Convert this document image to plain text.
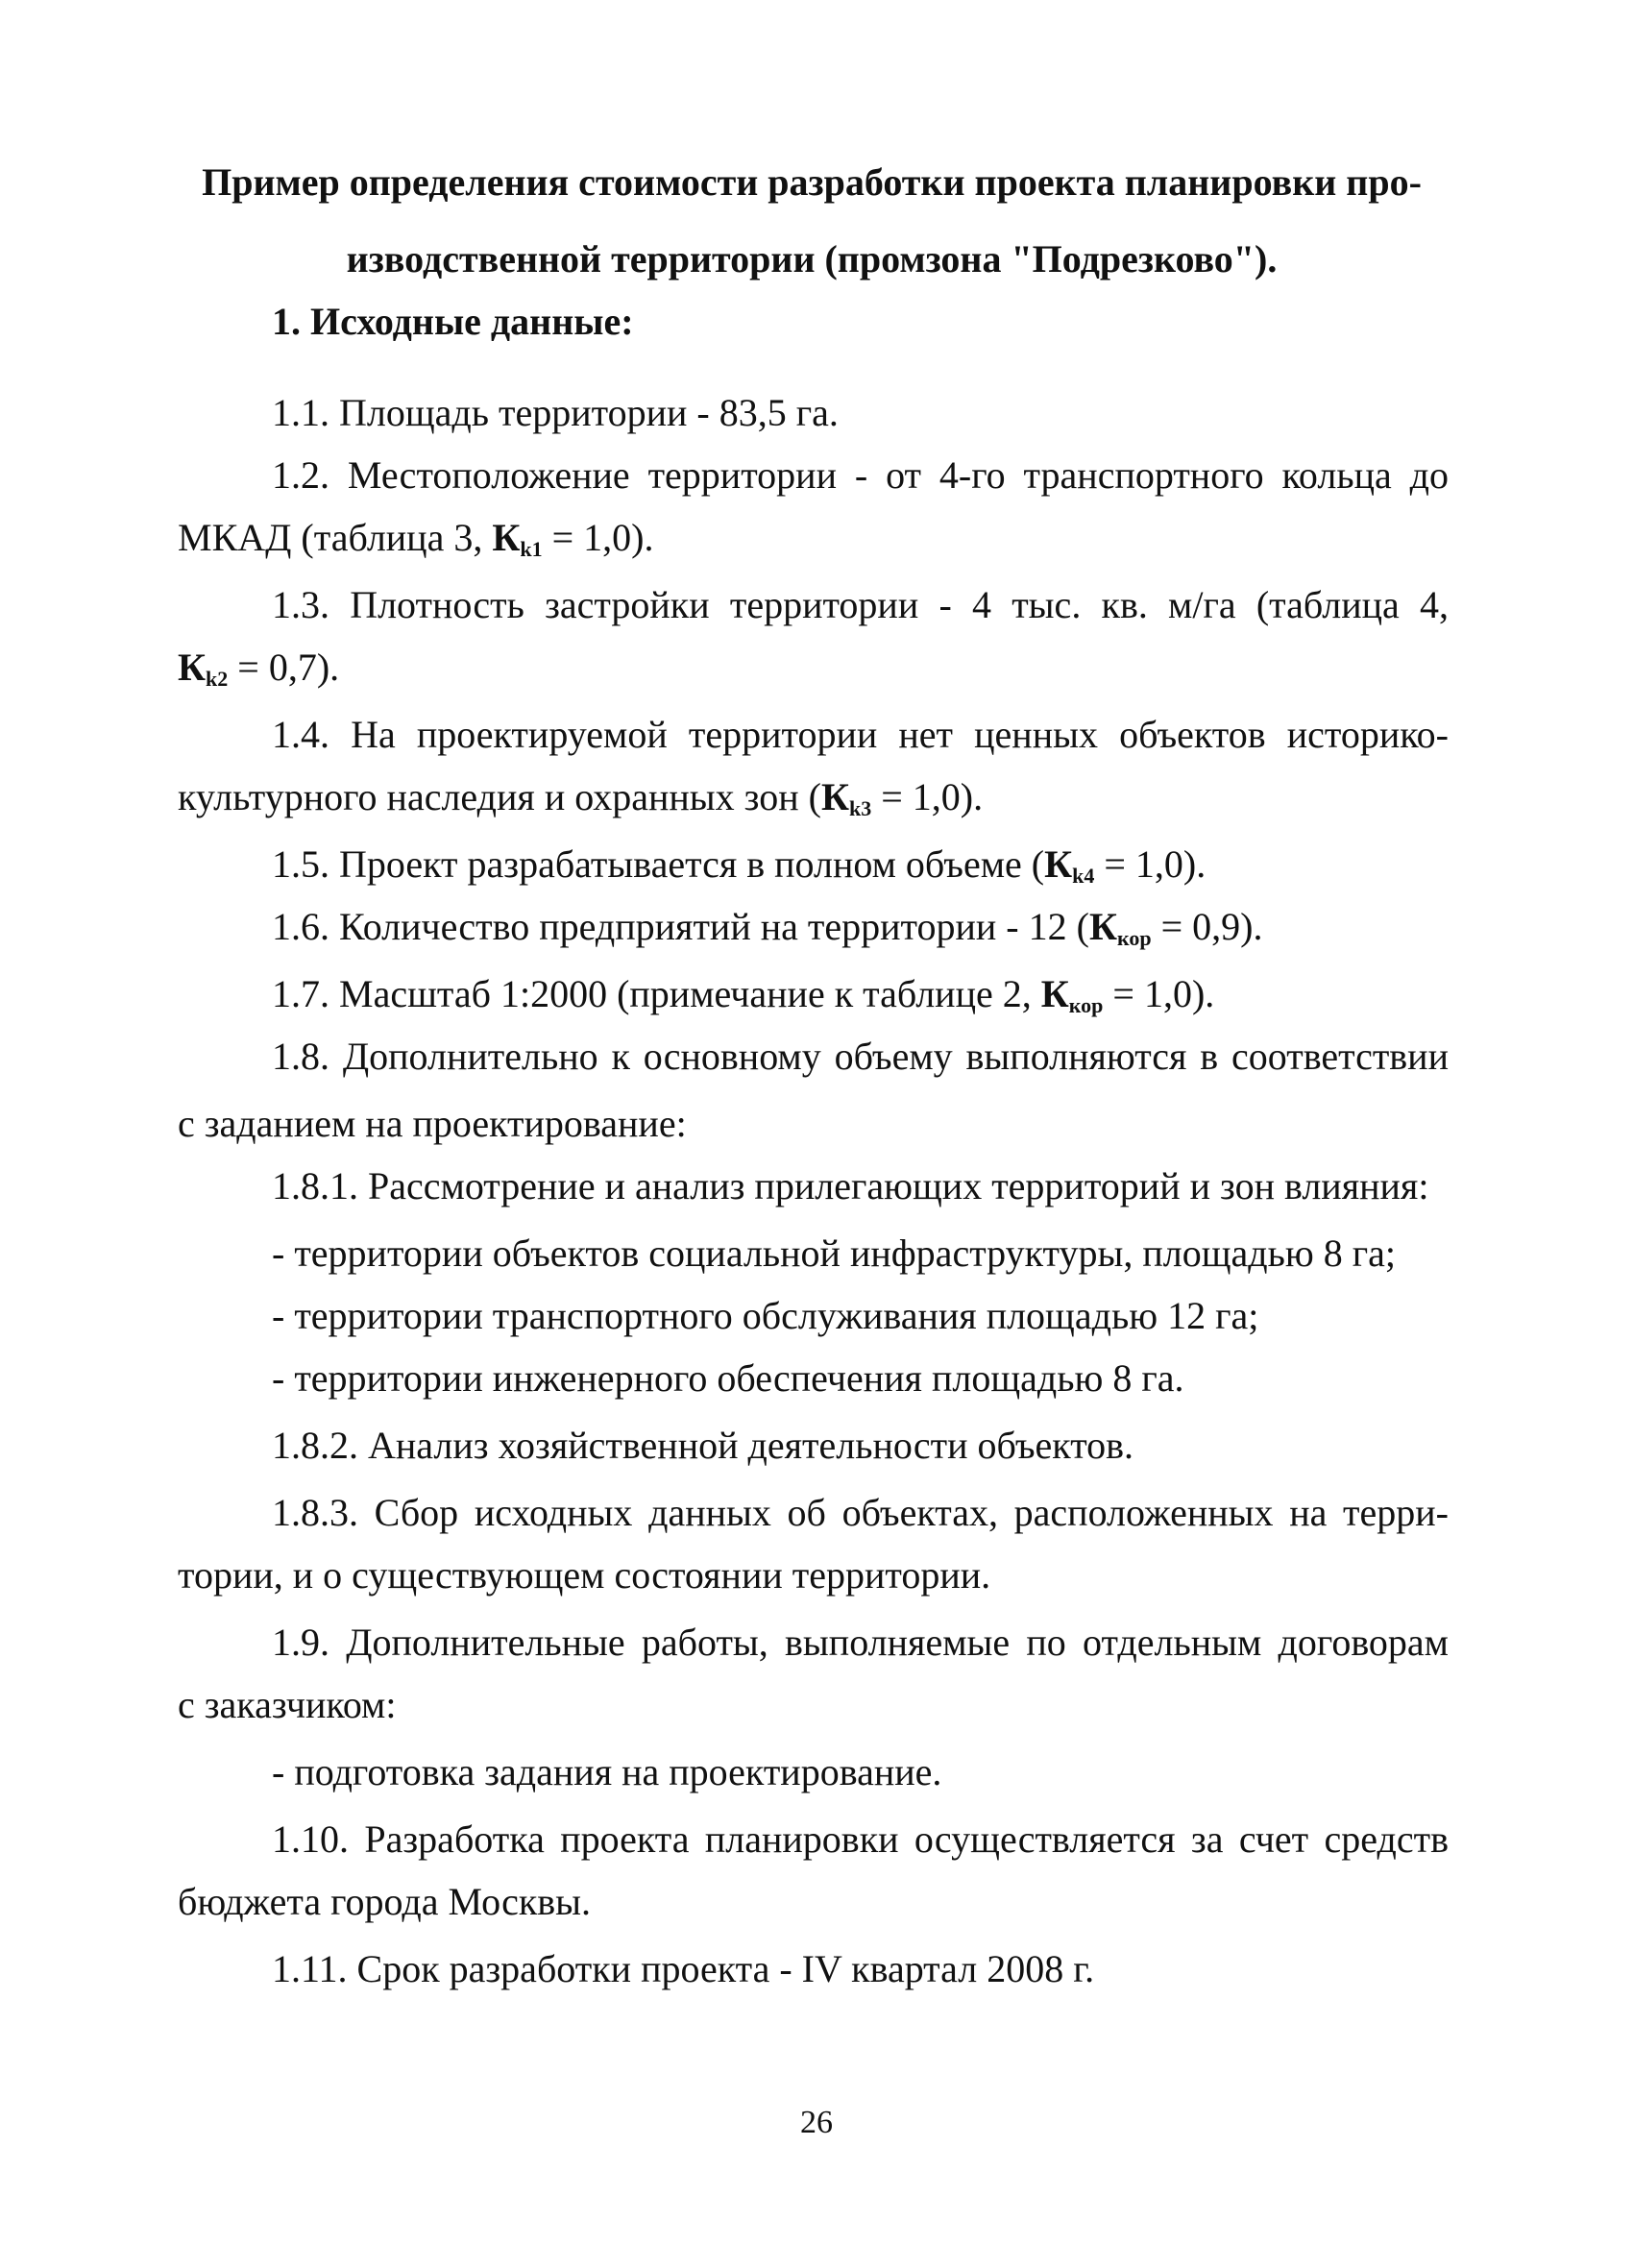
Пример определения стоимости разработки проекта планировки про-
изводственной территории (промзона "Подрезково").
1. Исходные данные:
1.1. Площадь территории - 83,5 га.
1.2. Местоположение территории - от 4-го транспортного кольца до
МКАД (таблица 3, $К_{k1} = 1,0$).
1.3. Плотность застройки территории - 4 тыс. кв. м/га (таблица 4,
$К_{k2} = 0,7$).
1.4. На проектируемой территории нет ценных объектов историко-
культурного наследия и охранных зон $(К_{k3} = 1,0)$.
1.5. Проект разрабатывается в полном объеме $(К_{k4} = 1,0)$.
1.6. Количество предприятий на территории - 12 $(К_{кор} = 0,9)$.
1.7. Масштаб 1:2000 (примечание к таблице 2, $К_{кор} = 1,0$).
1.8. Дополнительно к основному объему выполняются в соответствии
с заданием на проектирование:
1.8.1. Рассмотрение и анализ прилегающих территорий и зон влияния:
- территории объектов социальной инфраструктуры, площадью 8 га;
- территории транспортного обслуживания площадью 12 га;
- территории инженерного обеспечения площадью 8 га.
1.8.2. Анализ хозяйственной деятельности объектов.
1.8.3. Сбор исходных данных об объектах, расположенных на терри-
тории, и о существующем состоянии территории.
1.9. Дополнительные работы, выполняемые по отдельным договорам
с заказчиком:
- подготовка задания на проектирование.
1.10. Разработка проекта планировки осуществляется за счет средств
бюджета города Москвы.
1.11. Срок разработки проекта - IV квартал 2008 г.
26
